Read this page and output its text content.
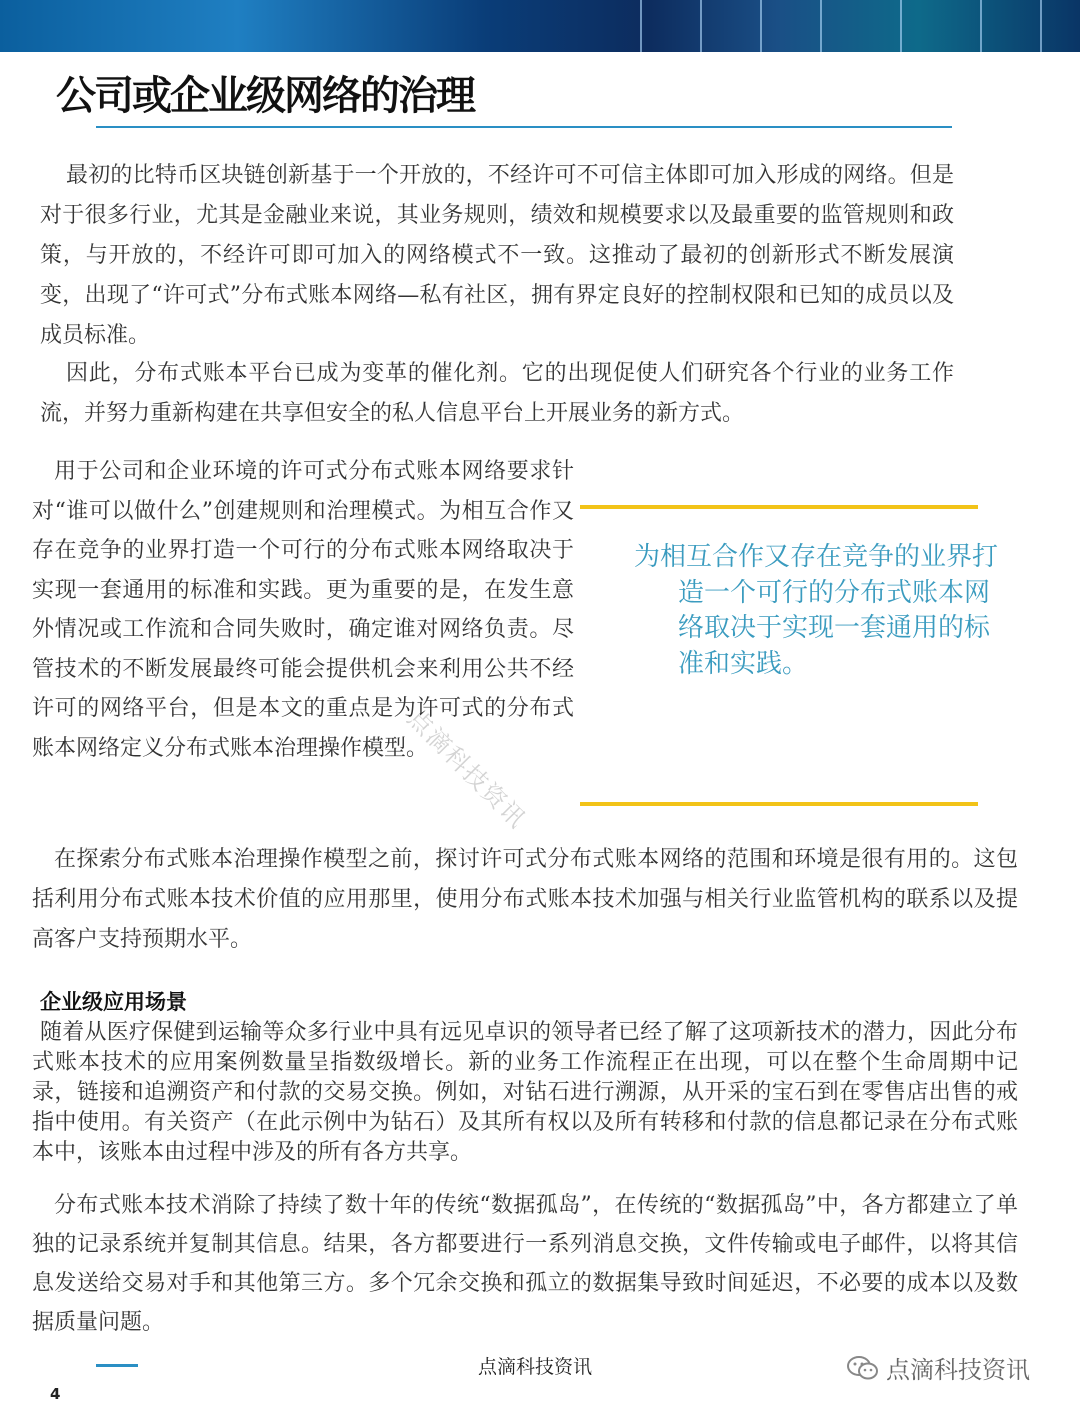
公司或企业级网络的治理

最初的比特币区块链创新基于一个开放的，不经许可不可信主体即可加入形成的网络。但是对于很多行业，尤其是金融业来说，其业务规则，绩效和规模要求以及最重要的监管规则和政策，与开放的，不经许可即可加入的网络模式不一致。这推动了最初的创新形式不断发展演变，出现了“许可式”分布式账本网络—私有社区，拥有界定良好的控制权限和已知的成员以及成员标准。

因此，分布式账本平台已成为变革的催化剂。它的出现促使人们研究各个行业的业务工作流，并努力重新构建在共享但安全的私人信息平台上开展业务的新方式。

用于公司和企业环境的许可式分布式账本网络要求针对“谁可以做什么”创建规则和治理模式。为相互合作又存在竞争的业界打造一个可行的分布式账本网络取决于实现一套通用的标准和实践。更为重要的是，在发生意外情况或工作流和合同失败时，确定谁对网络负责。尽管技术的不断发展最终可能会提供机会来利用公共不经许可的网络平台，但是本文的重点是为许可式的分布式账本网络定义分布式账本治理操作模型。

为相互合作又存在竞争的业界打造一个可行的分布式账本网络取决于实现一套通用的标准和实践。

点滴科技资讯

在探索分布式账本治理操作模型之前，探讨许可式分布式账本网络的范围和环境是很有用的。这包括利用分布式账本技术价值的应用那里，使用分布式账本技术加强与相关行业监管机构的联系以及提高客户支持预期水平。

企业级应用场景

随着从医疗保健到运输等众多行业中具有远见卓识的领导者已经了解了这项新技术的潜力，因此分布式账本技术的应用案例数量呈指数级增长。新的业务工作流程正在出现，可以在整个生命周期中记录，链接和追溯资产和付款的交易交换。例如，对钻石进行溯源，从开采的宝石到在零售店出售的戒指中使用。有关资产（在此示例中为钻石）及其所有权以及所有转移和付款的信息都记录在分布式账本中，该账本由过程中涉及的所有各方共享。

分布式账本技术消除了持续了数十年的传统“数据孤岛”，在传统的“数据孤岛”中，各方都建立了单独的记录系统并复制其信息。结果，各方都要进行一系列消息交换，文件传输或电子邮件，以将其信息发送给交易对手和其他第三方。多个冗余交换和孤立的数据集导致时间延迟，不必要的成本以及数据质量问题。

点滴科技资讯	点滴科技资讯
4
